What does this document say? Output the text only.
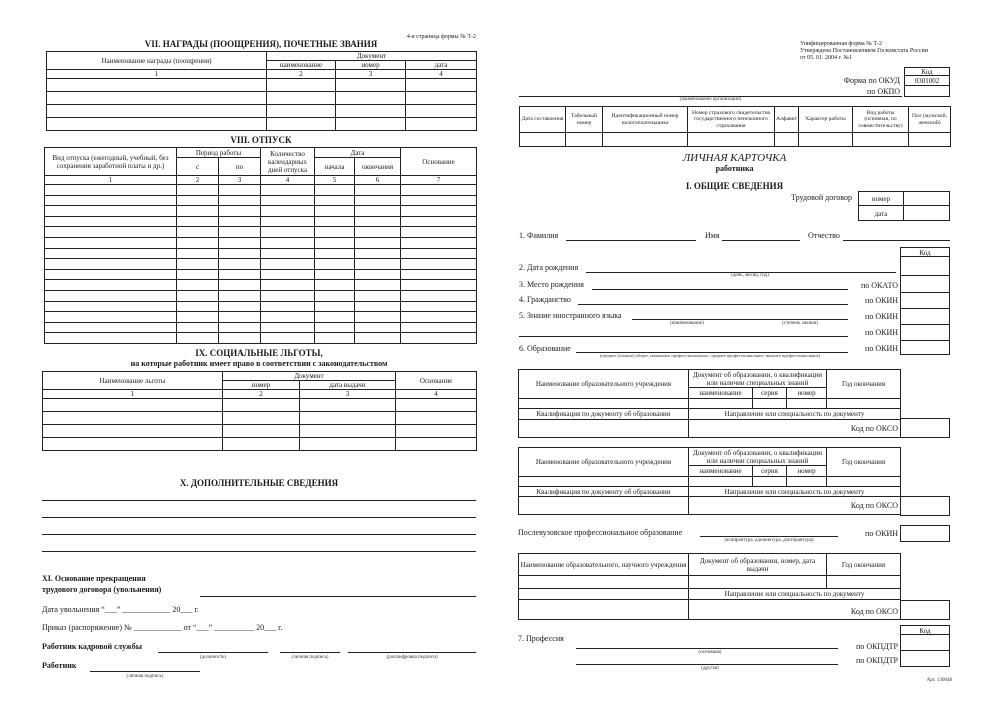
4-я страница формы № Т-2
VII. НАГРАДЫ (ПООЩРЕНИЯ), ПОЧЕТНЫЕ ЗВАНИЯ
Наименование награды (поощрения)	Документ		
	наименование	номер	дата
1	2	3	4

VIII. ОТПУСК
Вид отпуска (ежегодный, учебный, без сохранения заработной платы и др.)	Период работы		Количество календарных дней отпуска	Дата		Основание
	с	по		начала	окончания	
1	2	3	4	5	6	7

IX. СОЦИАЛЬНЫЕ ЛЬГОТЫ,
на которые работник имеет право в соответствии с законодательством
Наименование льготы	Документ		Основание
	номер	дата выдачи	
1	2	3	4

X. ДОПОЛНИТЕЛЬНЫЕ СВЕДЕНИЯ
XI. Основание прекращения
трудового договора (увольнения)
Дата увольнения “___” ____________ 20___ г.
Приказ (распоряжение) № ____________ от “___” __________ 20___ г.
Работник кадровой службы
(должность)	(личная подпись)	(расшифровка подписи)
Работник
(личная подпись)
Унифицированная форма № Т-2
Утверждена Постановлением Госкомстата России
от 05. 01. 2004 г. №1
Код
0301002
Форма по ОКУД
по ОКПО
(наименование организации)
Дата составления	Табельный номер	Идентификационный номер налогоплательщика	Номер страхового свидетельства государственного пенсионного страхования	Алфавит	Характер работы	Вид работы (основная, по совместительству)	Пол (мужской, женский)

ЛИЧНАЯ КАРТОЧКА
работника
I. ОБЩИЕ СВЕДЕНИЯ
Трудовой договор	номер
дата
1. Фамилия	Имя	Отчество
Код
2. Дата рождения
(день, месяц, год)
3. Место рождения	по ОКАТО
4. Гражданство	по ОКИН
5. Знание иностранного языка	по ОКИН
(наименование)	(степень знания)
по ОКИН
6. Образование	по ОКИН
(среднее (полное) общее, начальное профессиональное, среднее профессиональное, высшее профессиональное)
Наименование образовательного учреждения	Документ об образовании, о квалификации или наличии специальных знаний			Год окончания
	наименование	серия	номер	

Квалификация по документу об образовании	Направление или специальность по документу			

Код по ОКСО
Наименование образовательного учреждения	Документ об образовании, о квалификации или наличии специальных знаний			Год окончания
	наименование	серия	номер	

Квалификация по документу об образовании	Направление или специальность по документу			

Код по ОКСО
Послевузовское профессиональное образование
(аспирантура, адъюнктура, докторантура)
по ОКИН
Наименование образовательного, научного учреждения	Документ об образовании, номер, дата выдачи	Год окончания

	Направление или специальность по документу	

Код по ОКСО
Код
7. Профессия
по ОКПДТР
(основная)
по ОКПДТР
(другая)
Арт. 130048
